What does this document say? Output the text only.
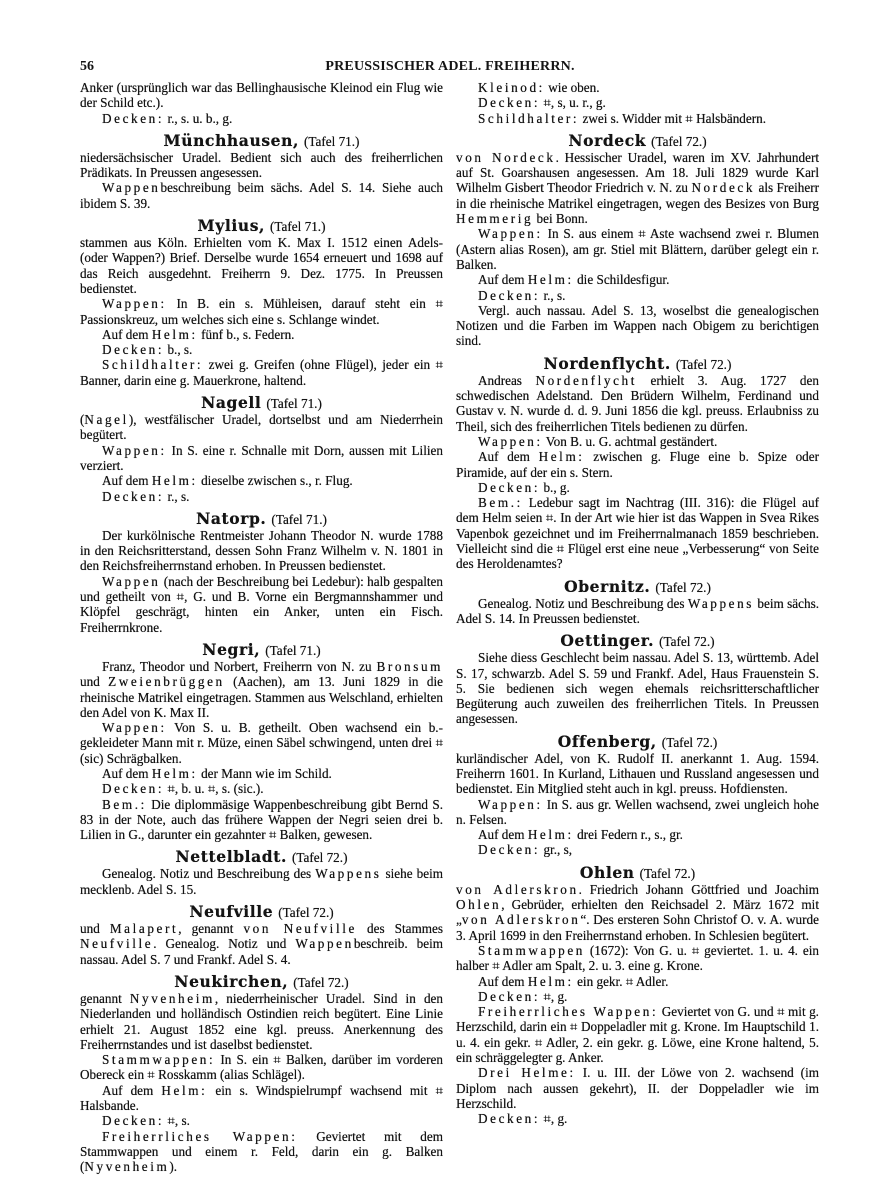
56	PREUSSISCHER ADEL. FREIHERRN.

Anker (ursprünglich war das Bellinghausische Kleinod ein Flug wie der Schild etc.).

Decken: r., s. u. b., g.

Münchhausen, (Tafel 71.)

niedersächsischer Uradel. Bedient sich auch des freiherrlichen Prädikats. In Preussen angesessen.

Wappenbeschreibung beim sächs. Adel S. 14. Siehe auch ibidem S. 39.

Mylius, (Tafel 71.)

stammen aus Köln. Erhielten vom K. Max I. 1512 einen Adels- (oder Wappen?) Brief. Derselbe wurde 1654 erneuert und 1698 auf das Reich ausgedehnt. Freiherrn 9. Dez. 1775. In Preussen bedienstet.

Wappen: In B. ein s. Mühleisen, darauf steht ein ⌗ Passionskreuz, um welches sich eine s. Schlange windet.

Auf dem Helm: fünf b., s. Federn.

Decken: b., s.

Schildhalter: zwei g. Greifen (ohne Flügel), jeder ein ⌗ Banner, darin eine g. Mauerkrone, haltend.

Nagell (Tafel 71.)

(Nagel), westfälischer Uradel, dortselbst und am Niederrhein begütert.

Wappen: In S. eine r. Schnalle mit Dorn, aussen mit Lilien verziert.

Auf dem Helm: dieselbe zwischen s., r. Flug.

Decken: r., s.

Natorp. (Tafel 71.)

Der kurkölnische Rentmeister Johann Theodor N. wurde 1788 in den Reichsritterstand, dessen Sohn Franz Wilhelm v. N. 1801 in den Reichsfreiherrnstand erhoben. In Preussen bedienstet.

Wappen (nach der Beschreibung bei Ledebur): halb gespalten und getheilt von ⌗, G. und B. Vorne ein Bergmannshammer und Klöpfel geschrägt, hinten ein Anker, unten ein Fisch. Freiherrnkrone.

Negri, (Tafel 71.)

Franz, Theodor und Norbert, Freiherrn von N. zu Bronsum und Zweienbrüggen (Aachen), am 13. Juni 1829 in die rheinische Matrikel eingetragen. Stammen aus Welschland, erhielten den Adel von K. Max II.

Wappen: Von S. u. B. getheilt. Oben wachsend ein b.-gekleideter Mann mit r. Müze, einen Säbel schwingend, unten drei ⌗ (sic) Schrägbalken.

Auf dem Helm: der Mann wie im Schild.

Decken: ⌗, b. u. ⌗, s. (sic.).

Bem.: Die diplommäsige Wappenbeschreibung gibt Bernd S. 83 in der Note, auch das frühere Wappen der Negri seien drei b. Lilien in G., darunter ein gezahnter ⌗ Balken, gewesen.

Nettelbladt. (Tafel 72.)

Genealog. Notiz und Beschreibung des Wappens siehe beim mecklenb. Adel S. 15.

Neufville (Tafel 72.)

und Malapert, genannt von Neufville des Stammes Neufville. Genealog. Notiz und Wappenbeschreib. beim nassau. Adel S. 7 und Frankf. Adel S. 4.

Neukirchen, (Tafel 72.)

genannt Nyvenheim, niederrheinischer Uradel. Sind in den Niederlanden und holländisch Ostindien reich begütert. Eine Linie erhielt 21. August 1852 eine kgl. preuss. Anerkennung des Freiherrnstandes und ist daselbst bedienstet.

Stammwappen: In S. ein ⌗ Balken, darüber im vorderen Obereck ein ⌗ Rosskamm (alias Schlägel).

Auf dem Helm: ein s. Windspielrumpf wachsend mit ⌗ Halsbande.

Decken: ⌗, s.

Freiherrliches Wappen: Geviertet mit dem Stammwappen und einem r. Feld, darin ein g. Balken (Nyvenheim).

Kleinod: wie oben.

Decken: ⌗, s, u. r., g.

Schildhalter: zwei s. Widder mit ⌗ Halsbändern.

Nordeck (Tafel 72.)

von Nordeck. Hessischer Uradel, waren im XV. Jahrhundert auf St. Goarshausen angesessen. Am 18. Juli 1829 wurde Karl Wilhelm Gisbert Theodor Friedrich v. N. zu Nordeck als Freiherr in die rheinische Matrikel eingetragen, wegen des Besizes von Burg Hemmerig bei Bonn.

Wappen: In S. aus einem ⌗ Aste wachsend zwei r. Blumen (Astern alias Rosen), am gr. Stiel mit Blättern, darüber gelegt ein r. Balken.

Auf dem Helm: die Schildesfigur.

Decken: r., s.

Vergl. auch nassau. Adel S. 13, woselbst die genealogischen Notizen und die Farben im Wappen nach Obigem zu berichtigen sind.

Nordenflycht. (Tafel 72.)

Andreas Nordenflycht erhielt 3. Aug. 1727 den schwedischen Adelstand. Den Brüdern Wilhelm, Ferdinand und Gustav v. N. wurde d. d. 9. Juni 1856 die kgl. preuss. Erlaubniss zu Theil, sich des freiherrlichen Titels bedienen zu dürfen.

Wappen: Von B. u. G. achtmal geständert.

Auf dem Helm: zwischen g. Fluge eine b. Spize oder Piramide, auf der ein s. Stern.

Decken: b., g.

Bem.: Ledebur sagt im Nachtrag (III. 316): die Flügel auf dem Helm seien ⌗. In der Art wie hier ist das Wappen in Svea Rikes Vapenbok gezeichnet und im Freiherrnalmanach 1859 beschrieben. Vielleicht sind die ⌗ Flügel erst eine neue „Verbesserung“ von Seite des Heroldenamtes?

Obernitz. (Tafel 72.)

Genealog. Notiz und Beschreibung des Wappens beim sächs. Adel S. 14. In Preussen bedienstet.

Oettinger. (Tafel 72.)

Siehe diess Geschlecht beim nassau. Adel S. 13, württemb. Adel S. 17, schwarzb. Adel S. 59 und Frankf. Adel, Haus Frauenstein S. 5. Sie bedienen sich wegen ehemals reichsritterschaftlicher Begüterung auch zuweilen des freiherrlichen Titels. In Preussen angesessen.

Offenberg, (Tafel 72.)

kurländischer Adel, von K. Rudolf II. anerkannt 1. Aug. 1594. Freiherrn 1601. In Kurland, Lithauen und Russland angesessen und bedienstet. Ein Mitglied steht auch in kgl. preuss. Hofdiensten.

Wappen: In S. aus gr. Wellen wachsend, zwei ungleich hohe n. Felsen.

Auf dem Helm: drei Federn r., s., gr.

Decken: gr., s,

Ohlen (Tafel 72.)

von Adlerskron. Friedrich Johann Göttfried und Joachim Ohlen, Gebrüder, erhielten den Reichsadel 2. März 1672 mit „von Adlerskron“. Des ersteren Sohn Christof O. v. A. wurde 3. April 1699 in den Freiherrnstand erhoben. In Schlesien begütert.

Stammwappen (1672): Von G. u. ⌗ geviertet. 1. u. 4. ein halber ⌗ Adler am Spalt, 2. u. 3. eine g. Krone.

Auf dem Helm: ein gekr. ⌗ Adler.

Decken: ⌗, g.

Freiherrliches Wappen: Geviertet von G. und ⌗ mit g. Herzschild, darin ein ⌗ Doppeladler mit g. Krone. Im Hauptschild 1. u. 4. ein gekr. ⌗ Adler, 2. ein gekr. g. Löwe, eine Krone haltend, 5. ein schräggelegter g. Anker.

Drei Helme: I. u. III. der Löwe von 2. wachsend (im Diplom nach aussen gekehrt), II. der Doppeladler wie im Herzschild.

Decken: ⌗, g.
